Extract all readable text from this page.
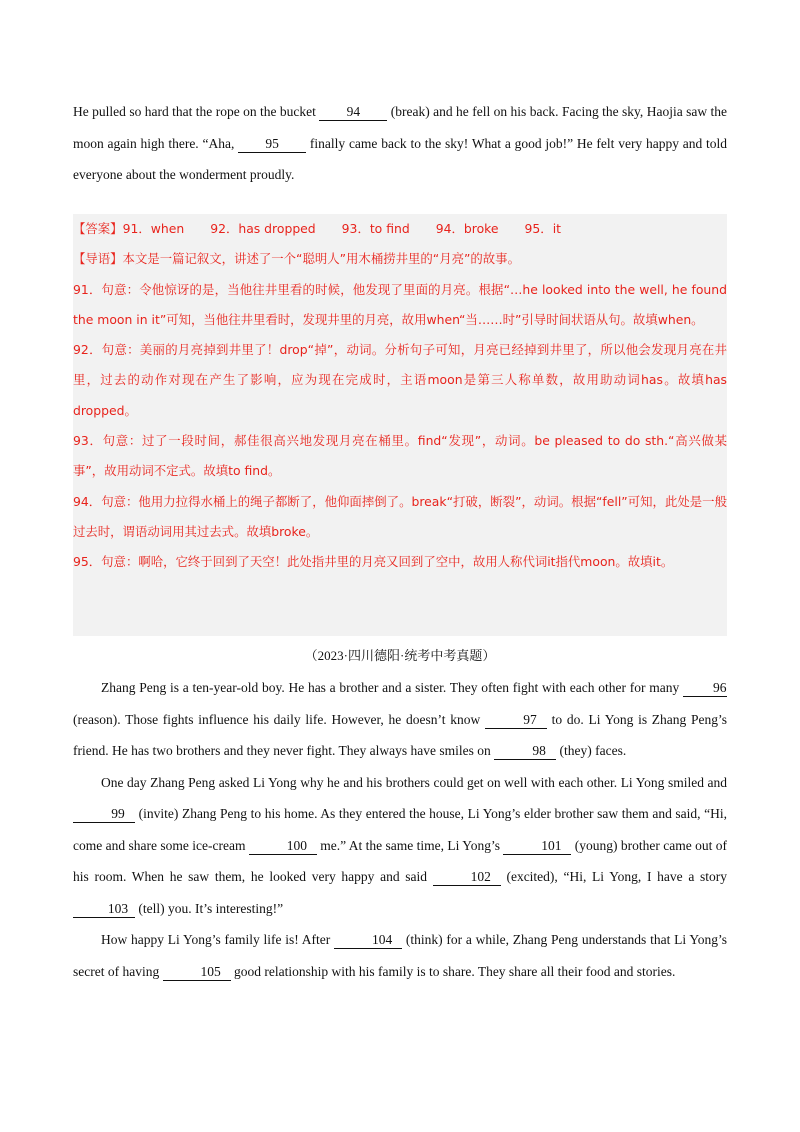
He pulled so hard that the rope on the bucket 94 (break) and he fell on his back. Facing the sky, Haojia saw the moon again high there. “Aha, 95 finally came back to the sky! What a good job!” He felt very happy and told everyone about the wonderment proudly.

【答案】91．when 92．has dropped 93．to find 94．broke 95．it

【导语】本文是一篇记叙文，讲述了一个“聪明人”用木桶捞井里的“月亮”的故事。

91．句意：令他惊讶的是，当他往井里看的时候，他发现了里面的月亮。根据“…he looked into the well, he found the moon in it”可知，当他往井里看时，发现井里的月亮，故用when“当……时”引导时间状语从句。故填when。

92．句意：美丽的月亮掉到井里了！drop“掉”，动词。分析句子可知，月亮已经掉到井里了，所以他会发现月亮在井里，过去的动作对现在产生了影响，应为现在完成时，主语moon是第三人称单数，故用助动词has。故填has dropped。

93．句意：过了一段时间，郝佳很高兴地发现月亮在桶里。find“发现”，动词。be pleased to do sth.“高兴做某事”，故用动词不定式。故填to find。

94．句意：他用力拉得水桶上的绳子都断了，他仰面摔倒了。break“打破，断裂”，动词。根据“fell”可知，此处是一般过去时，谓语动词用其过去式。故填broke。

95．句意：啊哈，它终于回到了天空！此处指井里的月亮又回到了空中，故用人称代词it指代moon。故填it。

（2023·四川德阳·统考中考真题）

Zhang Peng is a ten-year-old boy. He has a brother and a sister. They often fight with each other for many	96 (reason). Those fights influence his daily life. However, he doesn’t know	97 to do. Li Yong is Zhang Peng’s friend. He has two brothers and they never fight. They always have smiles on	98 (they) faces.

One day Zhang Peng asked Li Yong why he and his brothers could get on well with each other. Li Yong smiled and 99 (invite) Zhang Peng to his home. As they entered the house, Li Yong’s elder brother saw them and said, “Hi, come and share some ice-cream	100 me.” At the same time, Li Yong’s	101 (young) brother came out of his room. When he saw them, he looked very happy and said	102 (excited), “Hi, Li Yong, I have a story 103 (tell) you. It’s interesting!”

How happy Li Yong’s family life is! After	104 (think) for a while, Zhang Peng understands that Li Yong’s secret of having	105 good relationship with his family is to share. They share all their food and stories.
